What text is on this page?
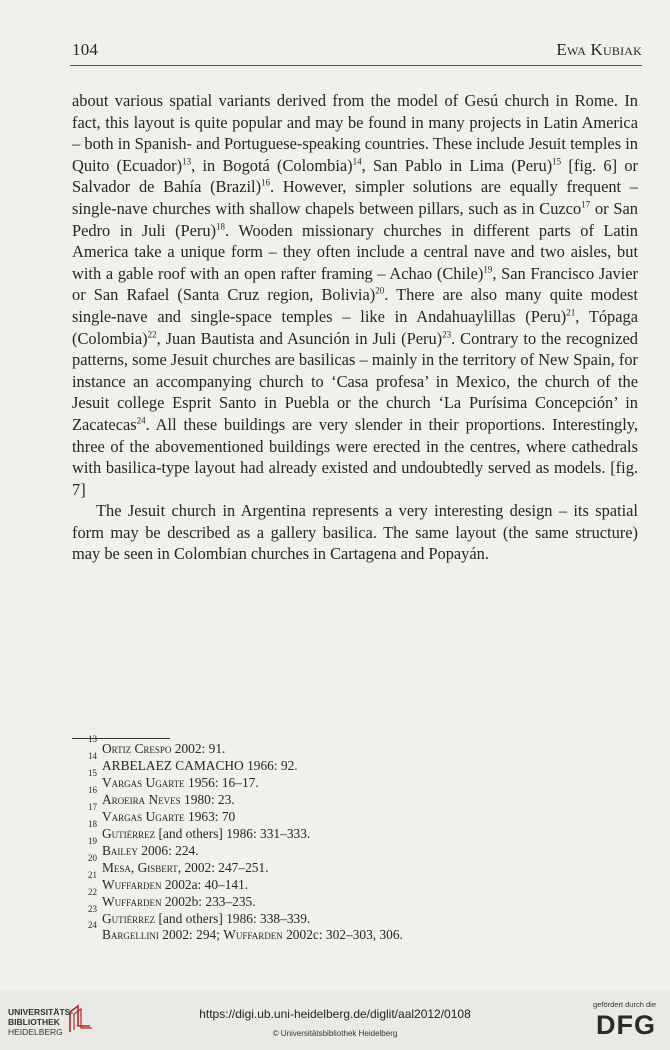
104	Ewa Kubiak

about various spatial variants derived from the model of Gesú church in Rome. In fact, this layout is quite popular and may be found in many projects in Latin America – both in Spanish- and Portuguese-speaking countries. These include Jesuit temples in Quito (Ecuador)$^{13}$, in Bogotá (Colombia)$^{14}$, San Pablo in Lima (Peru)$^{15}$ [fig. 6] or Salvador de Bahía (Brazil)$^{16}$. However, simpler solutions are equally frequent – single-nave churches with shallow chapels between pillars, such as in Cuzco$^{17}$ or San Pedro in Juli (Peru)$^{18}$. Wooden missionary churches in different parts of Latin America take a unique form – they often include a central nave and two aisles, but with a gable roof with an open rafter framing – Achao (Chile)$^{19}$, San Francisco Javier or San Rafael (Santa Cruz region, Bolivia)$^{20}$. There are also many quite modest single-nave and single-space temples – like in Andahuaylillas (Peru)$^{21}$, Tópaga (Colombia)$^{22}$, Juan Bautista and Asunción in Juli (Peru)$^{23}$. Contrary to the recognized patterns, some Jesuit churches are basilicas – mainly in the territory of New Spain, for instance an accompanying church to ‘Casa profesa’ in Mexico, the church of the Jesuit college Esprit Santo in Puebla or the church ‘La Purísima Concepción’ in Zacatecas$^{24}$. All these buildings are very slender in their proportions. Interestingly, three of the abovementioned buildings were erected in the centres, where cathedrals with basilica-type layout had already existed and undoubtedly served as models. [fig. 7]

The Jesuit church in Argentina represents a very interesting design – its spatial form may be described as a gallery basilica. The same layout (the same structure) may be seen in Colombian churches in Cartagena and Popayán.

13
Ortiz Crespo 2002: 91.
14
ARBELAEZ CAMACHO 1966: 92.
15
Vargas Ugarte 1956: 16–17.
16
Aroeira Neves 1980: 23.
17
Vargas Ugarte 1963: 70
18
Gutiérrez [and others] 1986: 331–333.
19
Bailey 2006: 224.
20
Mesa, Gisbert, 2002: 247–251.
21
Wuffarden 2002a: 40–141.
22
Wuffarden 2002b: 233–235.
23
Gutiérrez [and others] 1986: 338–339.
24
Bargellini 2002: 294; Wuffarden 2002c: 302–303, 306.
UNIVERSITÄTS-
BIBLIOTHEK
HEIDELBERG
https://digi.ub.uni-heidelberg.de/diglit/aal2012/0108
© Universitätsbibliothek Heidelberg
gefördert durch die
DFG
